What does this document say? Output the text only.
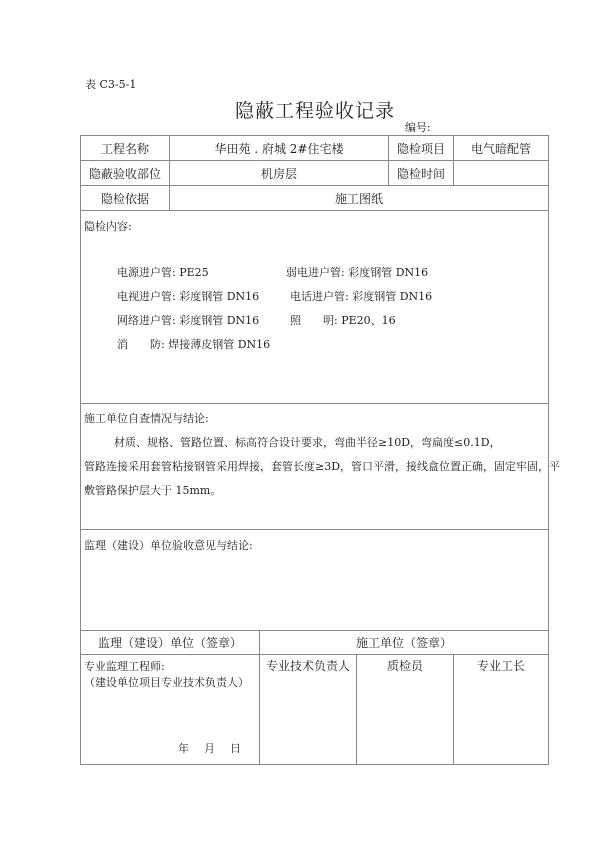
表 C3-5-1
隐蔽工程验收记录
编号:
工程名称	华田苑 . 府城 2#住宅楼	隐检项目	电气暗配管
隐蔽验收部位	机房层	隐检时间
隐检依据	施工图纸
隐检内容:
电源进户管: PE25	弱电进户管: 彩度钢管 DN16
电视进户管: 彩度钢管 DN16	电话进户管: 彩度钢管 DN16
网络进户管: 彩度钢管 DN16	照　　明: PE20、16
消　　防: 焊接薄皮钢管 DN16
施工单位自查情况与结论:
材质、规格、管路位置、标高符合设计要求，弯曲半径≥10D，弯扁度≤0.1D，
管路连接采用套管粘接钢管采用焊接，套管长度≥3D，管口平滑，接线盒位置正确，固定牢固，平
敷管路保护层大于 15mm。
监理（建设）单位验收意见与结论:
监理（建设）单位（签章）	施工单位（签章）
专业监理工程师:
（建设单位项目专业技术负责人）
年　月　日
专业技术负责人	质检员	专业工长
